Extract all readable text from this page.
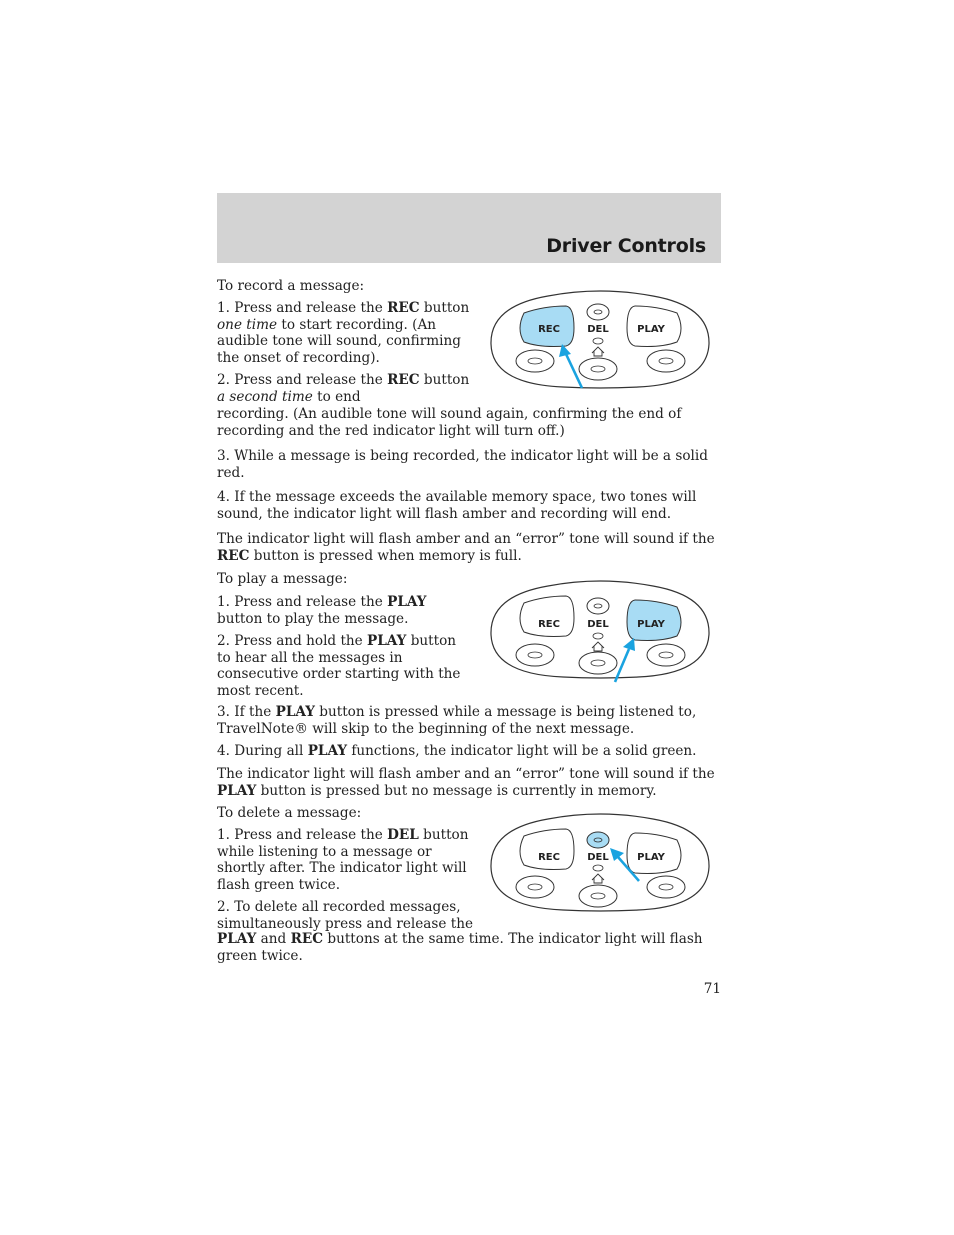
Driver Controls

To record a message:

1. Press and release the REC button one time to start recording. (An audible tone will sound, confirming the onset of recording).

2. Press and release the REC button a second time to end

recording. (An audible tone will sound again, confirming the end of recording and the red indicator light will turn off.)

3. While a message is being recorded, the indicator light will be a solid red.

4. If the message exceeds the available memory space, two tones will sound, the indicator light will flash amber and recording will end.

The indicator light will flash amber and an “error” tone will sound if the REC button is pressed when memory is full.

To play a message:

1. Press and release the PLAY button to play the message.

2. Press and hold the PLAY button to hear all the messages in consecutive order starting with the most recent.

3. If the PLAY button is pressed while a message is being listened to, TravelNote® will skip to the beginning of the next message.

4. During all PLAY functions, the indicator light will be a solid green.

The indicator light will flash amber and an “error” tone will sound if the PLAY button is pressed but no message is currently in memory.

To delete a message:

1. Press and release the DEL button while listening to a message or shortly after. The indicator light will flash green twice.

2. To delete all recorded messages, simultaneously press and release the

PLAY and REC buttons at the same time. The indicator light will flash green twice.

REC	DEL	PLAY
REC	DEL	PLAY
REC	DEL	PLAY
71
